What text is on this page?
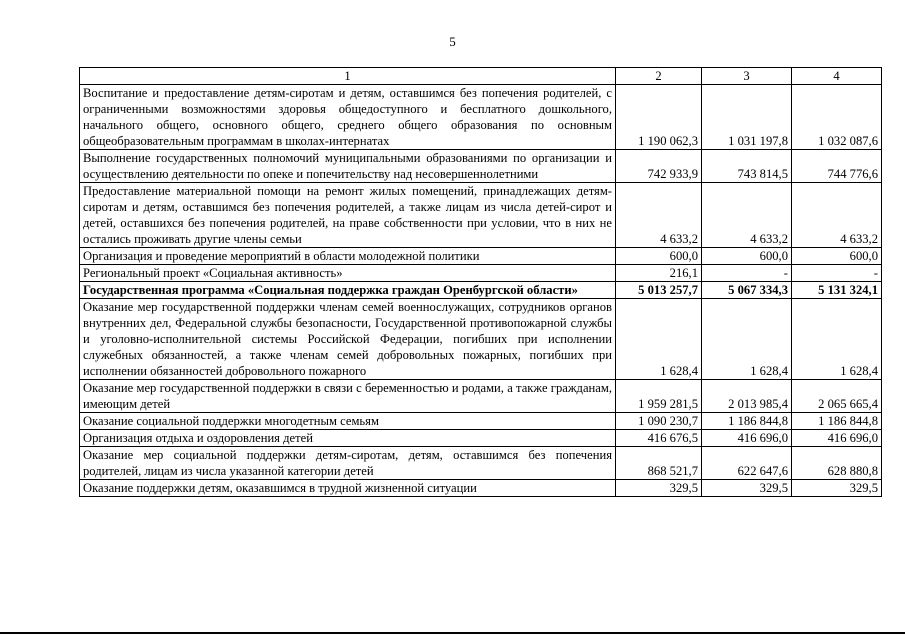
5
1	2	3	4
Воспитание и предоставление детям-сиротам и детям, оставшимся без попечения родителей, с ограниченными возможностями здоровья общедоступного и бесплатного дошкольного, начального общего, основного общего, среднего общего образования по основным общеобразовательным программам в школах-интернатах	1 190 062,3	1 031 197,8	1 032 087,6
Выполнение государственных полномочий муниципальными образованиями по организации и осуществлению деятельности по опеке и попечительству над несовершеннолетними	742 933,9	743 814,5	744 776,6
Предоставление материальной помощи на ремонт жилых помещений, принадлежащих детям-сиротам и детям, оставшимся без попечения родителей, а также лицам из числа детей-сирот и детей, оставшихся без попечения родителей, на праве собственности при условии, что в них не остались проживать другие члены семьи	4 633,2	4 633,2	4 633,2
Организация и проведение мероприятий в области молодежной политики	600,0	600,0	600,0
Региональный проект «Социальная активность»	216,1	-	-
Государственная программа «Социальная поддержка граждан Оренбургской области»	5 013 257,7	5 067 334,3	5 131 324,1
Оказание мер государственной поддержки членам семей военнослужащих, сотрудников органов внутренних дел, Федеральной службы безопасности, Государственной противопожарной службы и уголовно-исполнительной системы Российской Федерации, погибших при исполнении служебных обязанностей, а также членам семей добровольных пожарных, погибших при исполнении обязанностей добровольного пожарного	1 628,4	1 628,4	1 628,4
Оказание мер государственной поддержки в связи с беременностью и родами, а также гражданам, имеющим детей	1 959 281,5	2 013 985,4	2 065 665,4
Оказание социальной поддержки многодетным семьям	1 090 230,7	1 186 844,8	1 186 844,8
Организация отдыха и оздоровления детей	416 676,5	416 696,0	416 696,0
Оказание мер социальной поддержки детям-сиротам, детям, оставшимся без попечения родителей, лицам из числа указанной категории детей	868 521,7	622 647,6	628 880,8
Оказание поддержки детям, оказавшимся в трудной жизненной ситуации	329,5	329,5	329,5
